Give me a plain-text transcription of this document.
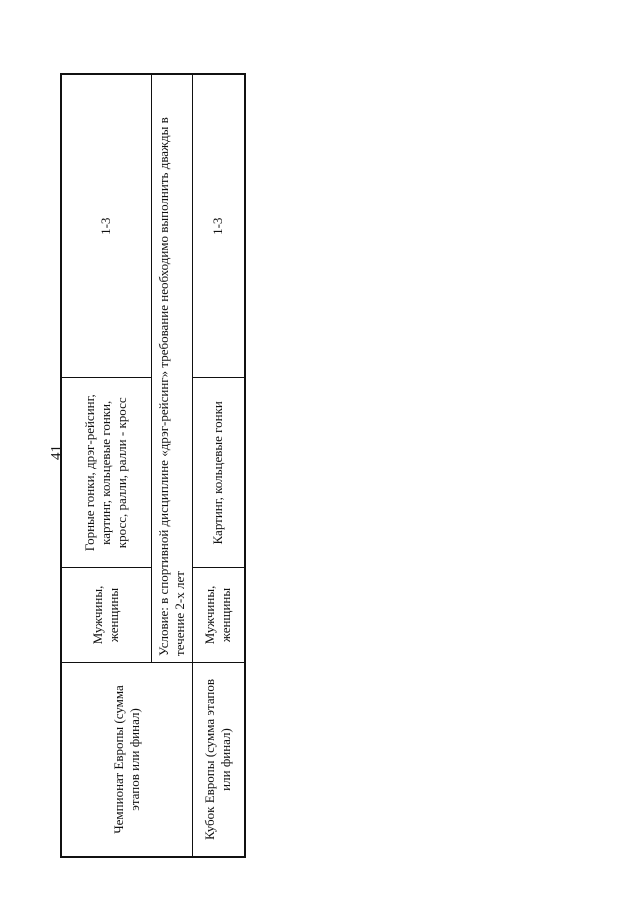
41
Чемпионат Европы (сумма этапов или финал)	Мужчины, женщины	Горные гонки, дрэг-рейсинг, картинг, кольцевые гонки, кросс, ралли, ралли - кросс	1-3
	Условие: в спортивной дисциплине «дрэг-рейсинг» требование необходимо выполнить дважды в течение 2-х лет		
Кубок Европы (сумма этапов или финал)	Мужчины, женщины	Картинг, кольцевые гонки	1-3
